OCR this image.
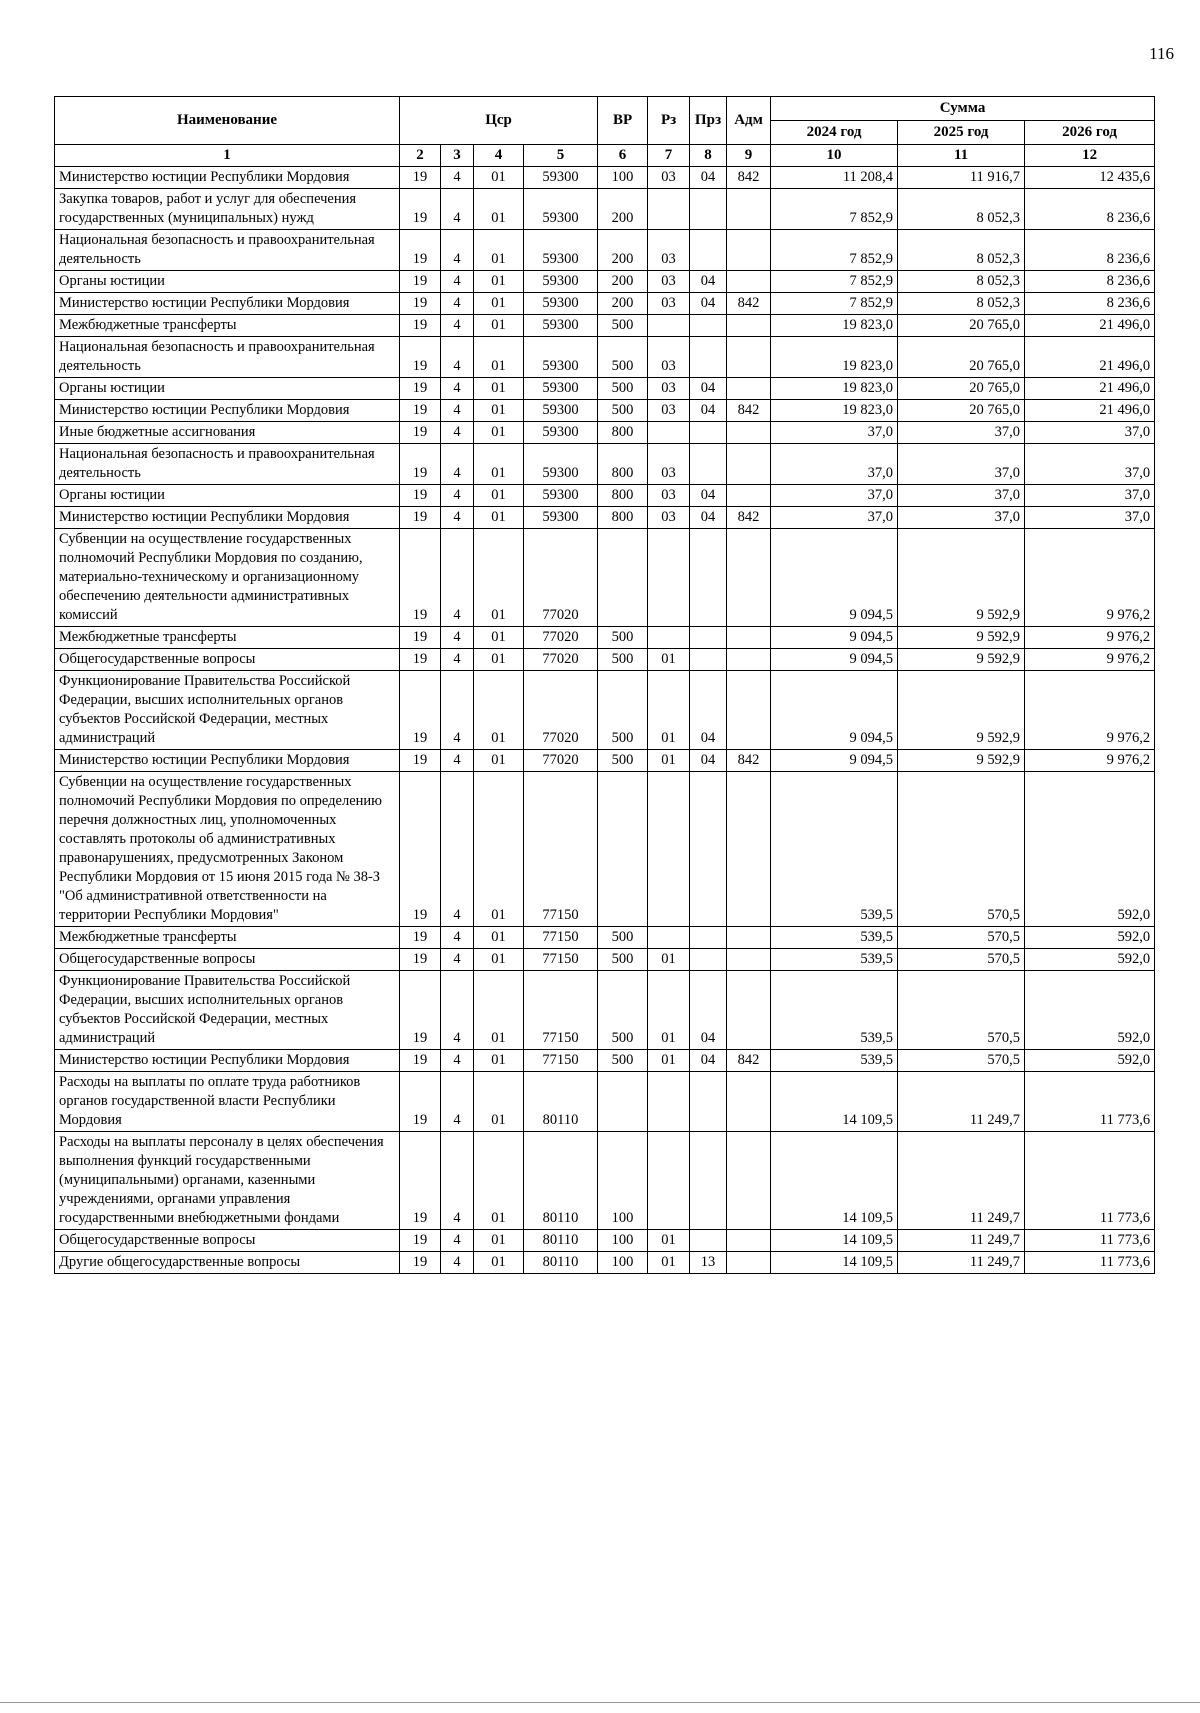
116
Наименование	Цср				ВР	Рз	Прз	Адм	Сумма		
									2024 год	2025 год	2026 год
1	2	3	4	5	6	7	8	9	10	11	12
Министерство юстиции Республики Мордовия	19	4	01	59300	100	03	04	842	11 208,4	11 916,7	12 435,6
Закупка товаров, работ и услуг для обеспечения государственных (муниципальных) нужд	19	4	01	59300	200				7 852,9	8 052,3	8 236,6
Национальная безопасность и правоохранительная деятельность	19	4	01	59300	200	03			7 852,9	8 052,3	8 236,6
Органы юстиции	19	4	01	59300	200	03	04		7 852,9	8 052,3	8 236,6
Министерство юстиции Республики Мордовия	19	4	01	59300	200	03	04	842	7 852,9	8 052,3	8 236,6
Межбюджетные трансферты	19	4	01	59300	500				19 823,0	20 765,0	21 496,0
Национальная безопасность и правоохранительная деятельность	19	4	01	59300	500	03			19 823,0	20 765,0	21 496,0
Органы юстиции	19	4	01	59300	500	03	04		19 823,0	20 765,0	21 496,0
Министерство юстиции Республики Мордовия	19	4	01	59300	500	03	04	842	19 823,0	20 765,0	21 496,0
Иные бюджетные ассигнования	19	4	01	59300	800				37,0	37,0	37,0
Национальная безопасность и правоохранительная деятельность	19	4	01	59300	800	03			37,0	37,0	37,0
Органы юстиции	19	4	01	59300	800	03	04		37,0	37,0	37,0
Министерство юстиции Республики Мордовия	19	4	01	59300	800	03	04	842	37,0	37,0	37,0
Субвенции на осуществление государственных полномочий Республики Мордовия по созданию, материально-техническому и организационному обеспечению деятельности административных комиссий	19	4	01	77020					9 094,5	9 592,9	9 976,2
Межбюджетные трансферты	19	4	01	77020	500				9 094,5	9 592,9	9 976,2
Общегосударственные вопросы	19	4	01	77020	500	01			9 094,5	9 592,9	9 976,2
Функционирование Правительства Российской Федерации, высших исполнительных органов субъектов Российской Федерации, местных администраций	19	4	01	77020	500	01	04		9 094,5	9 592,9	9 976,2
Министерство юстиции Республики Мордовия	19	4	01	77020	500	01	04	842	9 094,5	9 592,9	9 976,2
Субвенции на осуществление государственных полномочий Республики Мордовия по определению перечня должностных лиц, уполномоченных составлять протоколы об административных правонарушениях, предусмотренных Законом Республики Мордовия от 15 июня 2015 года № 38-З "Об административной ответственности на территории Республики Мордовия"	19	4	01	77150					539,5	570,5	592,0
Межбюджетные трансферты	19	4	01	77150	500				539,5	570,5	592,0
Общегосударственные вопросы	19	4	01	77150	500	01			539,5	570,5	592,0
Функционирование Правительства Российской Федерации, высших исполнительных органов субъектов Российской Федерации, местных администраций	19	4	01	77150	500	01	04		539,5	570,5	592,0
Министерство юстиции Республики Мордовия	19	4	01	77150	500	01	04	842	539,5	570,5	592,0
Расходы на выплаты по оплате труда работников органов государственной власти Республики Мордовия	19	4	01	80110					14 109,5	11 249,7	11 773,6
Расходы на выплаты персоналу в целях обеспечения выполнения функций государственными (муниципальными) органами, казенными учреждениями, органами управления государственными внебюджетными фондами	19	4	01	80110	100				14 109,5	11 249,7	11 773,6
Общегосударственные вопросы	19	4	01	80110	100	01			14 109,5	11 249,7	11 773,6
Другие общегосударственные вопросы	19	4	01	80110	100	01	13		14 109,5	11 249,7	11 773,6
